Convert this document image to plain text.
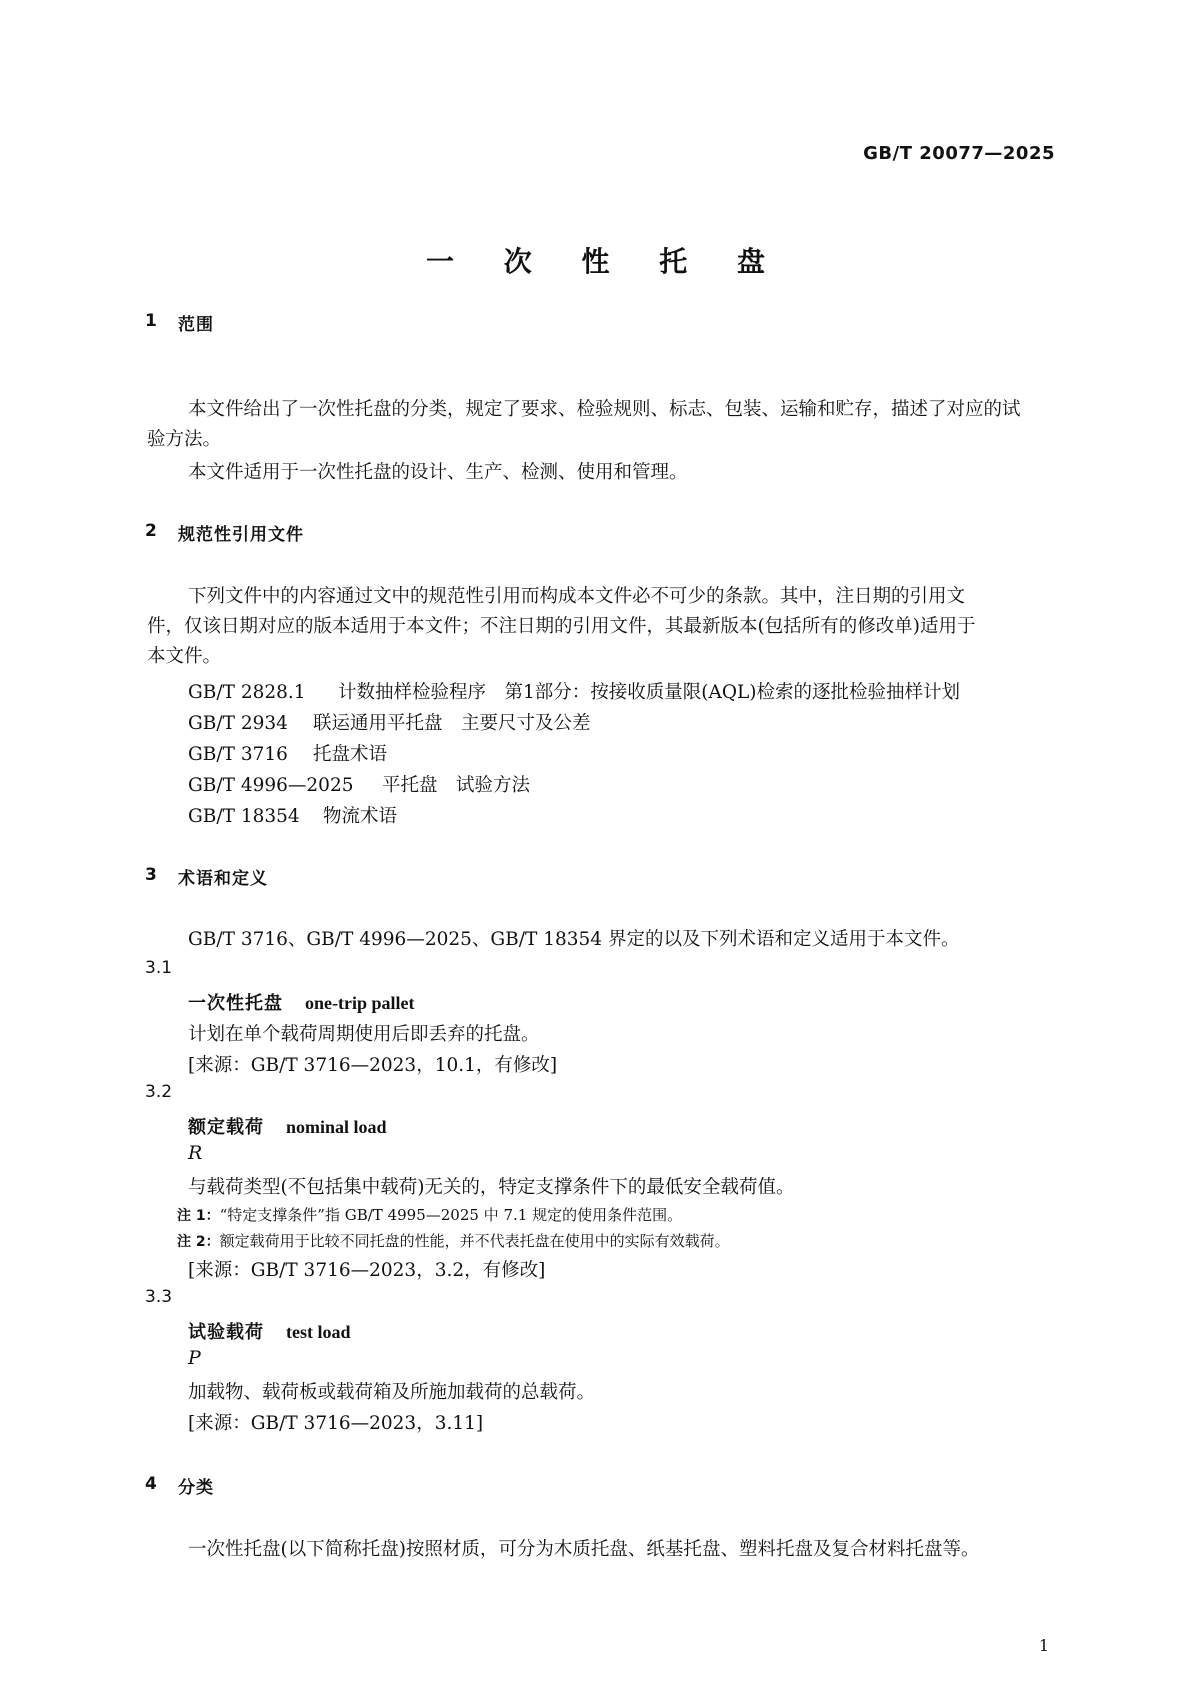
GB/T 20077—2025
一 次 性 托 盘
1 范围
本文件给出了一次性托盘的分类，规定了要求、检验规则、标志、包装、运输和贮存，描述了对应的试
验方法。
本文件适用于一次性托盘的设计、生产、检测、使用和管理。
2 规范性引用文件
下列文件中的内容通过文中的规范性引用而构成本文件必不可少的条款。其中，注日期的引用文
件，仅该日期对应的版本适用于本文件；不注日期的引用文件，其最新版本(包括所有的修改单)适用于
本文件。
GB/T 2828.1 计数抽样检验程序　第1部分：按接收质量限(AQL)检索的逐批检验抽样计划
GB/T 2934 联运通用平托盘　主要尺寸及公差
GB/T 3716 托盘术语
GB/T 4996—2025 平托盘　试验方法
GB/T 18354 物流术语
3 术语和定义
GB/T 3716、GB/T 4996—2025、GB/T 18354 界定的以及下列术语和定义适用于本文件。
3.1
一次性托盘 one-trip pallet
计划在单个载荷周期使用后即丢弃的托盘。
[来源：GB/T 3716—2023，10.1，有修改]
3.2
额定载荷 nominal load
R
与载荷类型(不包括集中载荷)无关的，特定支撑条件下的最低安全载荷值。
注 1：“特定支撑条件”指 GB/T 4995—2025 中 7.1 规定的使用条件范围。
注 2：额定载荷用于比较不同托盘的性能，并不代表托盘在使用中的实际有效载荷。
[来源：GB/T 3716—2023，3.2，有修改]
3.3
试验载荷 test load
P
加载物、载荷板或载荷箱及所施加载荷的总载荷。
[来源：GB/T 3716—2023，3.11]
4 分类
一次性托盘(以下简称托盘)按照材质，可分为木质托盘、纸基托盘、塑料托盘及复合材料托盘等。
1
